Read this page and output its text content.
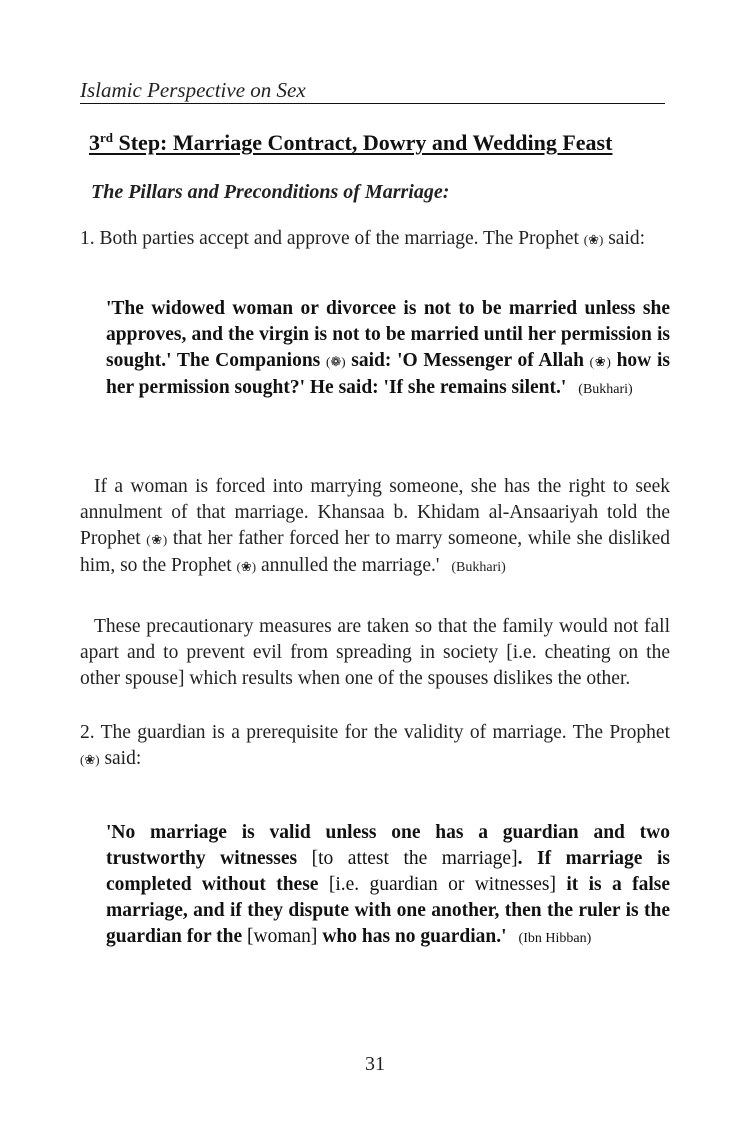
Islamic Perspective on Sex
3rd Step: Marriage Contract, Dowry and Wedding Feast
The Pillars and Preconditions of Marriage:
1. Both parties accept and approve of the marriage. The Prophet (❀) said:
'The widowed woman or divorcee is not to be married unless she approves, and the virgin is not to be married until her permission is sought.' The Companions (❁) said: 'O Messenger of Allah (❀) how is her permission sought?' He said: 'If she remains silent.' (Bukhari)
If a woman is forced into marrying someone, she has the right to seek annulment of that marriage. Khansaa b. Khidam al-Ansaariyah told the Prophet (❀) that her father forced her to marry someone, while she disliked him, so the Prophet (❀) annulled the marriage.' (Bukhari)
These precautionary measures are taken so that the family would not fall apart and to prevent evil from spreading in society [i.e. cheating on the other spouse] which results when one of the spouses dislikes the other.
2. The guardian is a prerequisite for the validity of marriage. The Prophet (❀) said:
'No marriage is valid unless one has a guardian and two trustworthy witnesses [to attest the marriage]. If marriage is completed without these [i.e. guardian or witnesses] it is a false marriage, and if they dispute with one another, then the ruler is the guardian for the [woman] who has no guardian.' (Ibn Hibban)
31
